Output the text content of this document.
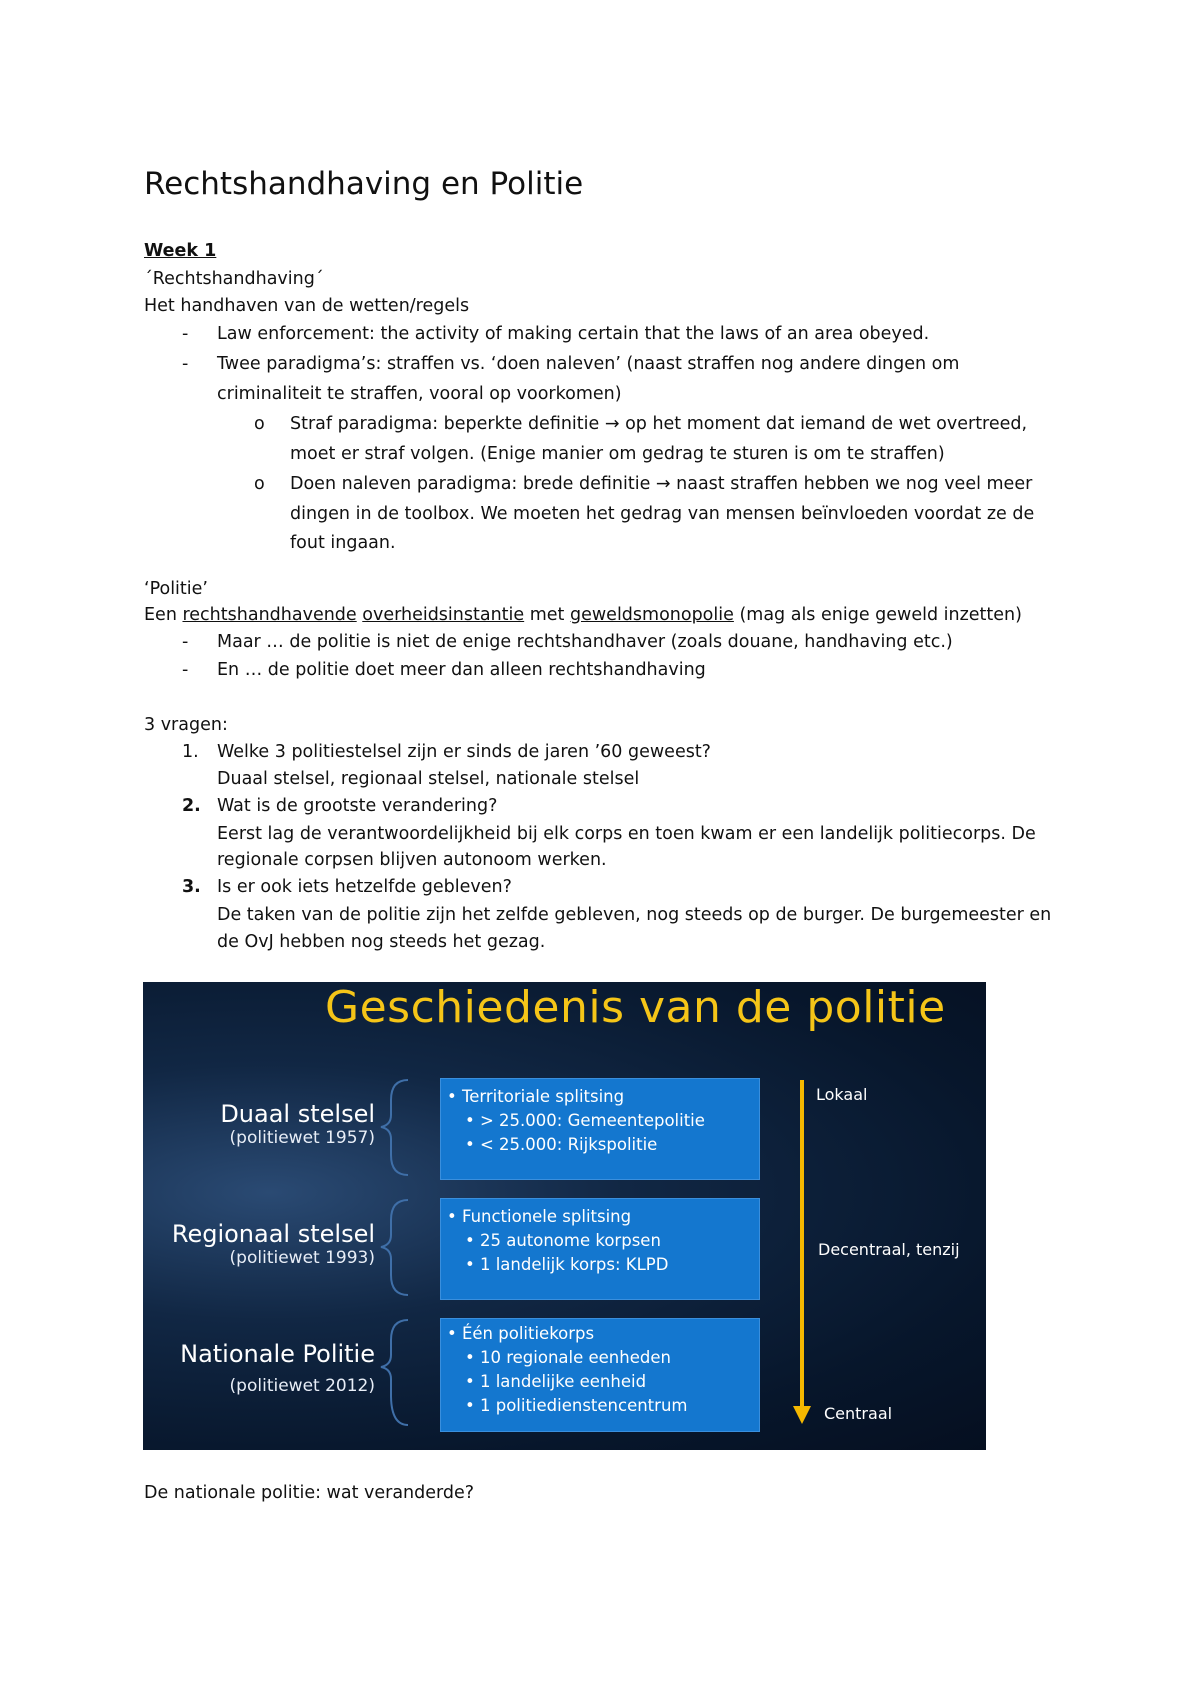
Rechtshandhaving en Politie
Week 1
´Rechtshandhaving´
Het handhaven van de wetten/regels
- Law enforcement: the activity of making certain that the laws of an area obeyed.
- Twee paradigma’s: straffen vs. ‘doen naleven’ (naast straffen nog andere dingen om
criminaliteit te straffen, vooral op voorkomen)
o Straf paradigma: beperkte definitie → op het moment dat iemand de wet overtreed,
moet er straf volgen. (Enige manier om gedrag te sturen is om te straffen)
o Doen naleven paradigma: brede definitie → naast straffen hebben we nog veel meer
dingen in de toolbox. We moeten het gedrag van mensen beïnvloeden voordat ze de
fout ingaan.
‘Politie’
Een rechtshandhavende overheidsinstantie met geweldsmonopolie (mag als enige geweld inzetten)
- Maar … de politie is niet de enige rechtshandhaver (zoals douane, handhaving etc.)
- En … de politie doet meer dan alleen rechtshandhaving
3 vragen:
1. Welke 3 politiestelsel zijn er sinds de jaren ’60 geweest?
Duaal stelsel, regionaal stelsel, nationale stelsel
2. Wat is de grootste verandering?
Eerst lag de verantwoordelijkheid bij elk corps en toen kwam er een landelijk politiecorps. De
regionale corpsen blijven autonoom werken.
3. Is er ook iets hetzelfde gebleven?
De taken van de politie zijn het zelfde gebleven, nog steeds op de burger. De burgemeester en
de OvJ hebben nog steeds het gezag.
Geschiedenis van de politie
Duaal stelsel
(politiewet 1957)
Regionaal stelsel
(politiewet 1993)
Nationale Politie
(politiewet 2012)
• Territoriale splitsing
• > 25.000: Gemeentepolitie
• < 25.000: Rijkspolitie
• Functionele splitsing
• 25 autonome korpsen
• 1 landelijk korps: KLPD
• Één politiekorps
• 10 regionale eenheden
• 1 landelijke eenheid
• 1 politiedienstencentrum
Lokaal
Decentraal, tenzij
Centraal
De nationale politie: wat veranderde?
